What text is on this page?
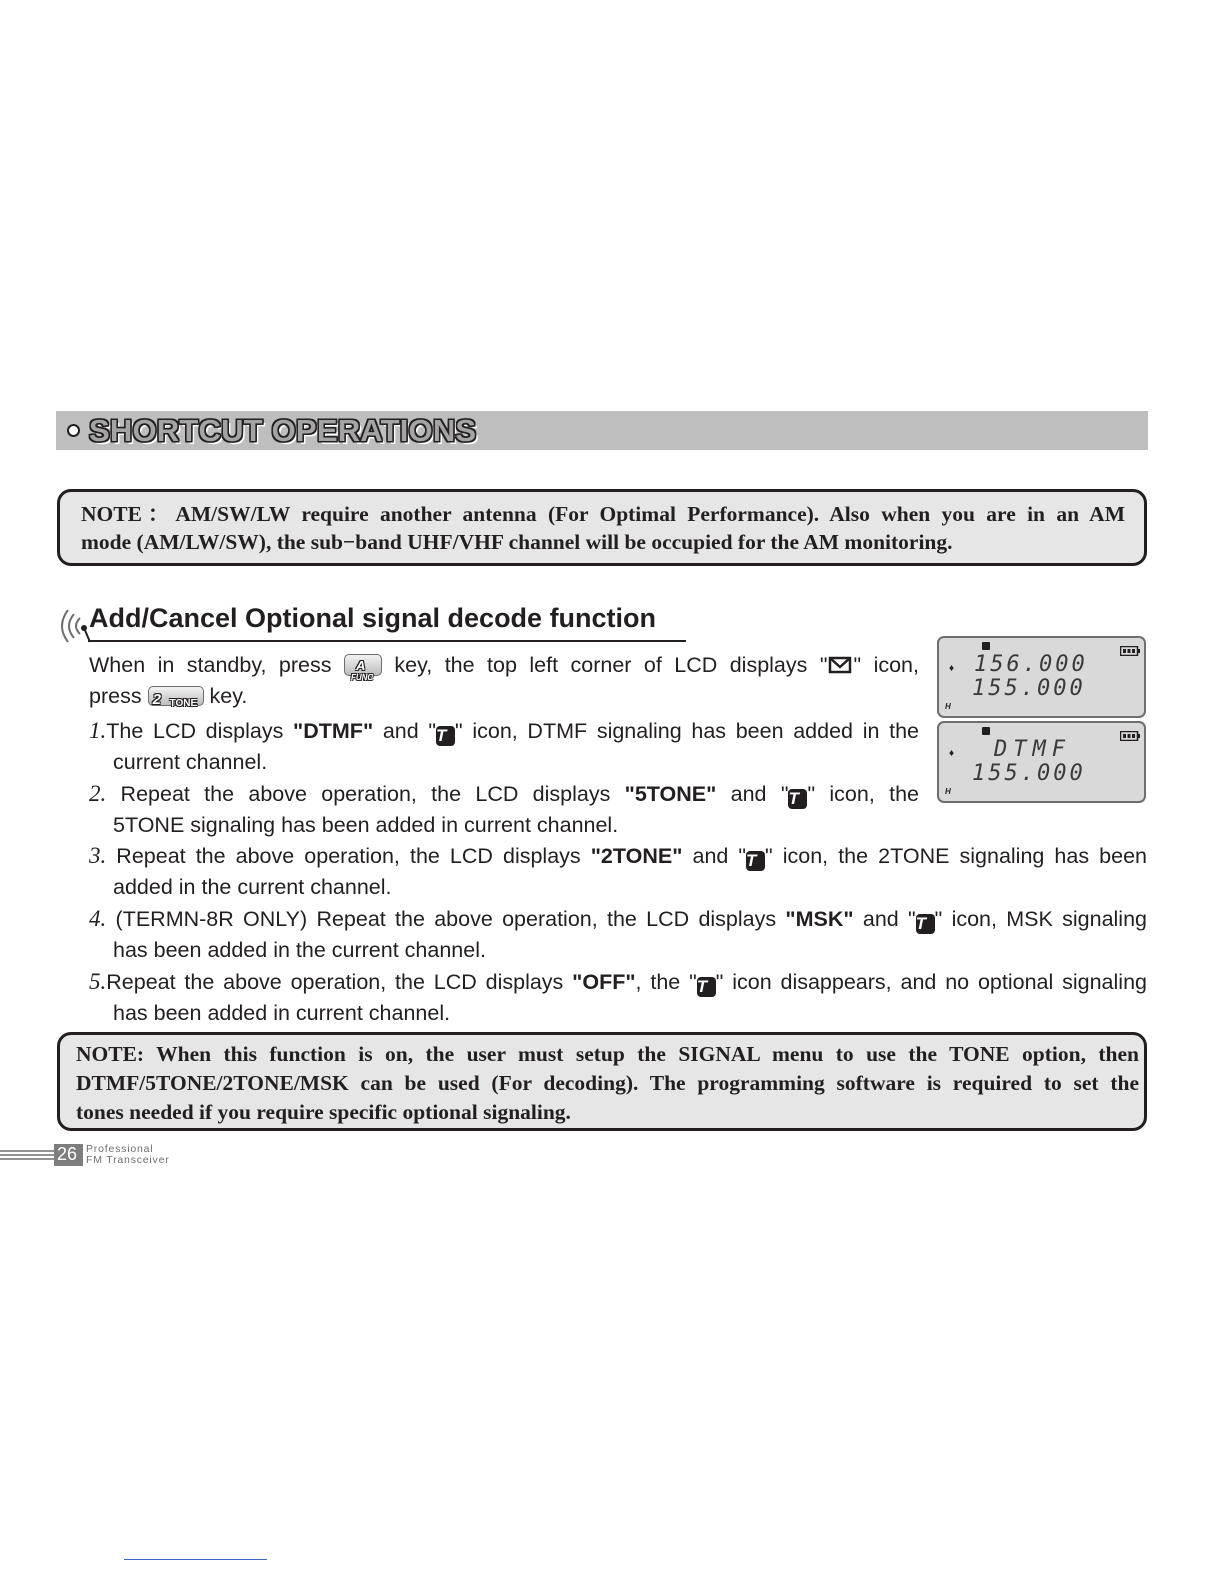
SHORTCUT OPERATIONS
NOTE：AM/SW/LW require another antenna (For Optimal Performance). Also when you are in an AM
mode (AM/LW/SW), the sub−band UHF/VHF channel will be occupied for the AM monitoring.
Add/Cancel Optional signal decode function
When in standby, press A
FUNC
key, the top left corner of LCD displays " " icon,
press 2 TONE key.
1.The LCD displays "DTMF" and "T " icon, DTMF signaling has been added in the
current channel.
2. Repeat the above operation, the LCD displays "5TONE" and "T " icon, the
5TONE signaling has been added in current channel.
3. Repeat the above operation, the LCD displays "2TONE" and "T " icon, the 2TONE signaling has been
added in the current channel.
4. (TERMN-8R ONLY) Repeat the above operation, the LCD displays "MSK" and "T " icon, MSK signaling
has been added in the current channel.
5.Repeat the above operation, the LCD displays "OFF", the "T " icon disappears, and no optional signaling
has been added in current channel.
♦ 156.000
155.000
H
♦ DTMF
155.000
H
NOTE: When this function is on, the user must setup the SIGNAL menu to use the TONE option, then
DTMF/5TONE/2TONE/MSK can be used (For decoding). The programming software is required to set the
tones needed if you require specific optional signaling.
26 Professional
FM Transceiver
